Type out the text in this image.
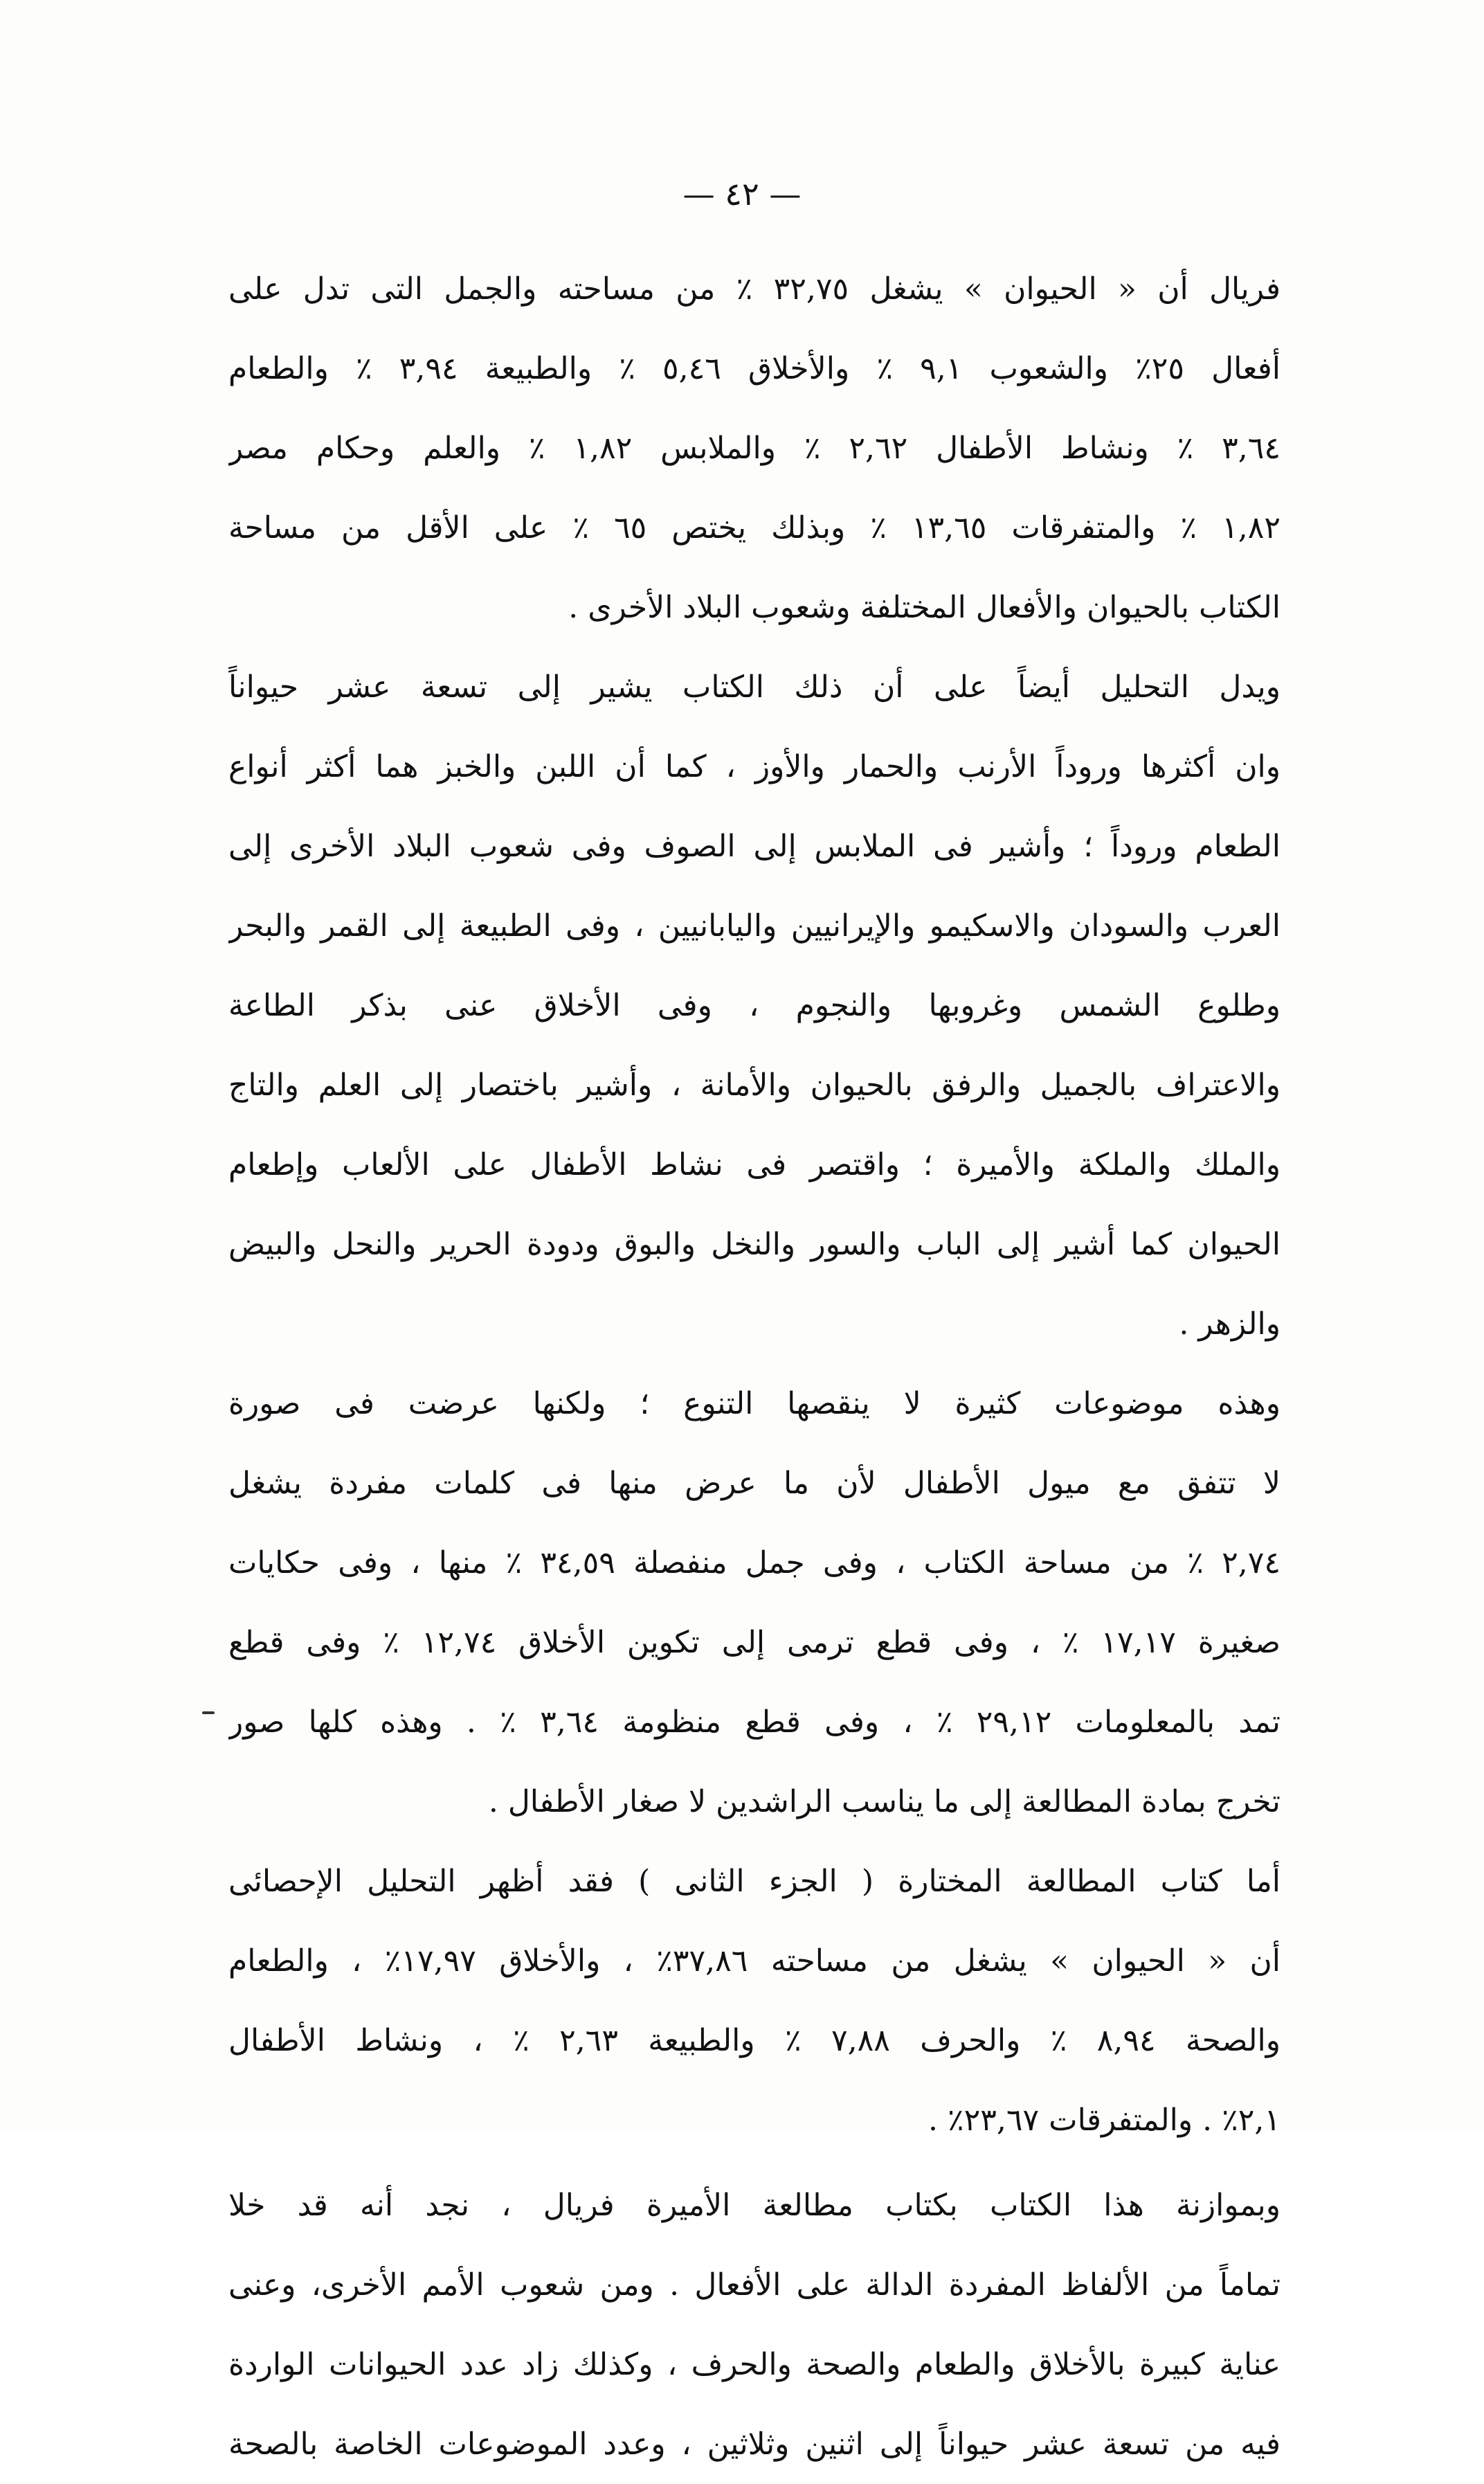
— ٤٢ —
فريال أن « الحيوان » يشغل ٣٢,٧٥ ٪ من مساحته والجمل التى تدل على
أفعال ٢٥٪ والشعوب ٩,١ ٪ والأخلاق ٥,٤٦ ٪ والطبيعة ٣,٩٤ ٪ والطعام
٣,٦٤ ٪ ونشاط الأطفال ٢,٦٢ ٪ والملابس ١,٨٢ ٪ والعلم وحكام مصر
١,٨٢ ٪ والمتفرقات ١٣,٦٥ ٪ وبذلك يختص ٦٥ ٪ على الأقل من مساحة
الكتاب بالحيوان والأفعال المختلفة وشعوب البلاد الأخرى .
ويدل التحليل أيضاً على أن ذلك الكتاب يشير إلى تسعة عشر حيواناً
وان أكثرها وروداً الأرنب والحمار والأوز ، كما أن اللبن والخبز هما أكثر أنواع
الطعام وروداً ؛ وأشير فى الملابس إلى الصوف وفى شعوب البلاد الأخرى إلى
العرب والسودان والاسكيمو والإيرانيين واليابانيين ، وفى الطبيعة إلى القمر والبحر
وطلوع الشمس وغروبها والنجوم ، وفى الأخلاق عنى بذكر الطاعة
والاعتراف بالجميل والرفق بالحيوان والأمانة ، وأشير باختصار إلى العلم والتاج
والملك والملكة والأميرة ؛ واقتصر فى نشاط الأطفال على الألعاب وإطعام
الحيوان كما أشير إلى الباب والسور والنخل والبوق ودودة الحرير والنحل والبيض
والزهر .
وهذه موضوعات كثيرة لا ينقصها التنوع ؛ ولكنها عرضت فى صورة
لا تتفق مع ميول الأطفال لأن ما عرض منها فى كلمات مفردة يشغل
٢,٧٤ ٪ من مساحة الكتاب ، وفى جمل منفصلة ٣٤,٥٩ ٪ منها ، وفى حكايات
صغيرة ١٧,١٧ ٪ ، وفى قطع ترمى إلى تكوين الأخلاق ١٢,٧٤ ٪ وفى قطع
تمد بالمعلومات ٢٩,١٢ ٪ ، وفى قطع منظومة ٣,٦٤ ٪ . وهذه كلها صور
تخرج بمادة المطالعة إلى ما يناسب الراشدين لا صغار الأطفال .
أما كتاب المطالعة المختارة ( الجزء الثانى ) فقد أظهر التحليل الإحصائى
أن « الحيوان » يشغل من مساحته ٣٧,٨٦٪ ، والأخلاق ١٧,٩٧٪ ، والطعام
والصحة ٨,٩٤ ٪ والحرف ٧,٨٨ ٪ والطبيعة ٢,٦٣ ٪ ، ونشاط الأطفال
٢,١٪ . والمتفرقات ٢٣,٦٧٪ .
وبموازنة هذا الكتاب بكتاب مطالعة الأميرة فريال ، نجد أنه قد خلا
تماماً من الألفاظ المفردة الدالة على الأفعال . ومن شعوب الأمم الأخرى، وعنى
عناية كبيرة بالأخلاق والطعام والصحة والحرف ، وكذلك زاد عدد الحيوانات الواردة
فيه من تسعة عشر حيواناً إلى اثنين وثلاثين ، وعدد الموضوعات الخاصة بالصحة
